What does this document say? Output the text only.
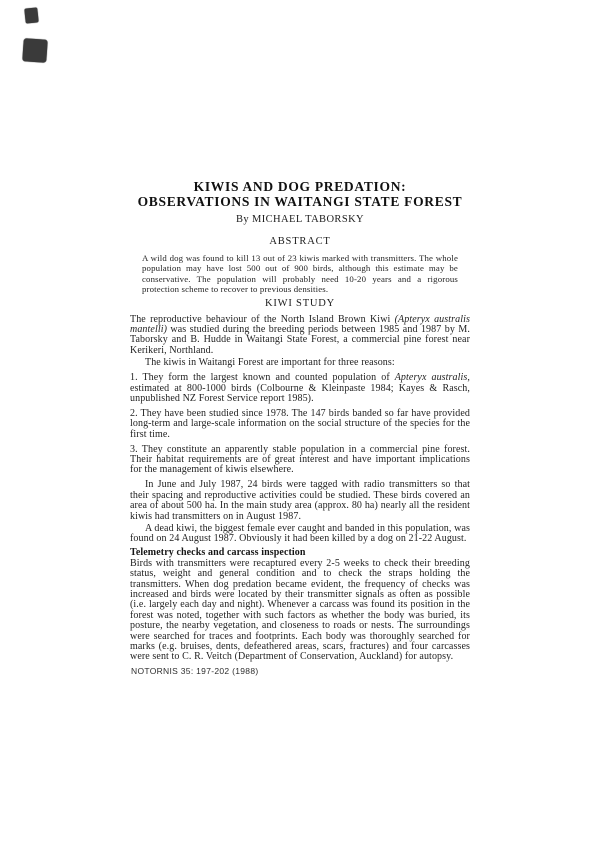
KIWIS AND DOG PREDATION:
OBSERVATIONS IN WAITANGI STATE FOREST

By MICHAEL TABORSKY

ABSTRACT

A wild dog was found to kill 13 out of 23 kiwis marked with transmitters. The whole population may have lost 500 out of 900 birds, although this estimate may be conservative. The population will probably need 10-20 years and a rigorous protection scheme to recover to previous densities.

KIWI STUDY

The reproductive behaviour of the North Island Brown Kiwi (Apteryx australis mantelli) was studied during the breeding periods between 1985 and 1987 by M. Taborsky and B. Hudde in Waitangi State Forest, a commercial pine forest near Kerikeri, Northland.

The kiwis in Waitangi Forest are important for three reasons:

1. They form the largest known and counted population of Apteryx australis, estimated at 800-1000 birds (Colbourne & Kleinpaste 1984; Kayes & Rasch, unpublished NZ Forest Service report 1985).

2. They have been studied since 1978. The 147 birds banded so far have provided long-term and large-scale information on the social structure of the species for the first time.

3. They constitute an apparently stable population in a commercial pine forest. Their habitat requirements are of great interest and have important implications for the management of kiwis elsewhere.

In June and July 1987, 24 birds were tagged with radio transmitters so that their spacing and reproductive activities could be studied. These birds covered an area of about 500 ha. In the main study area (approx. 80 ha) nearly all the resident kiwis had transmitters on in August 1987.

A dead kiwi, the biggest female ever caught and banded in this population, was found on 24 August 1987. Obviously it had been killed by a dog on 21-22 August.

Telemetry checks and carcass inspection

Birds with transmitters were recaptured every 2-5 weeks to check their breeding status, weight and general condition and to check the straps holding the transmitters. When dog predation became evident, the frequency of checks was increased and birds were located by their transmitter signals as often as possible (i.e. largely each day and night). Whenever a carcass was found its position in the forest was noted, together with such factors as whether the body was buried, its posture, the nearby vegetation, and closeness to roads or nests. The surroundings were searched for traces and footprints. Each body was thoroughly searched for marks (e.g. bruises, dents, defeathered areas, scars, fractures) and four carcasses were sent to C. R. Veitch (Department of Conservation, Auckland) for autopsy.

NOTORNIS 35: 197-202 (1988)
